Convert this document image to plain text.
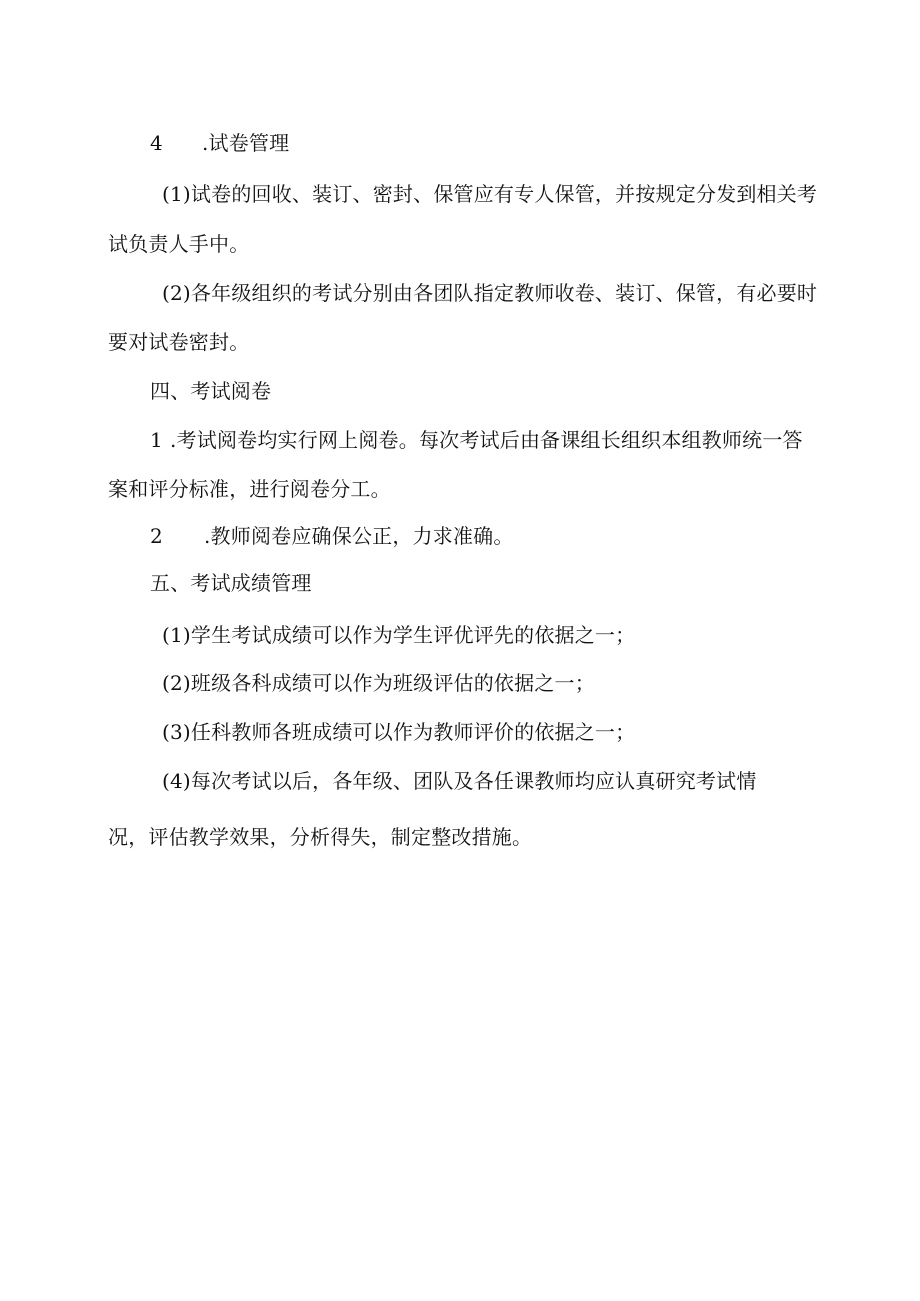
4 .试卷管理
(1)试卷的回收、装订、密封、保管应有专人保管，并按规定分发到相关考
试负责人手中。
(2)各年级组织的考试分别由各团队指定教师收卷、装订、保管，有必要时
要对试卷密封。
四、考试阅卷
1 .考试阅卷均实行网上阅卷。每次考试后由备课组长组织本组教师统一答
案和评分标准，进行阅卷分工。
2 .教师阅卷应确保公正，力求准确。
五、考试成绩管理
(1)学生考试成绩可以作为学生评优评先的依据之一；
(2)班级各科成绩可以作为班级评估的依据之一；
(3)任科教师各班成绩可以作为教师评价的依据之一；
(4)每次考试以后，各年级、团队及各任课教师均应认真研究考试情
况，评估教学效果，分析得失，制定整改措施。
